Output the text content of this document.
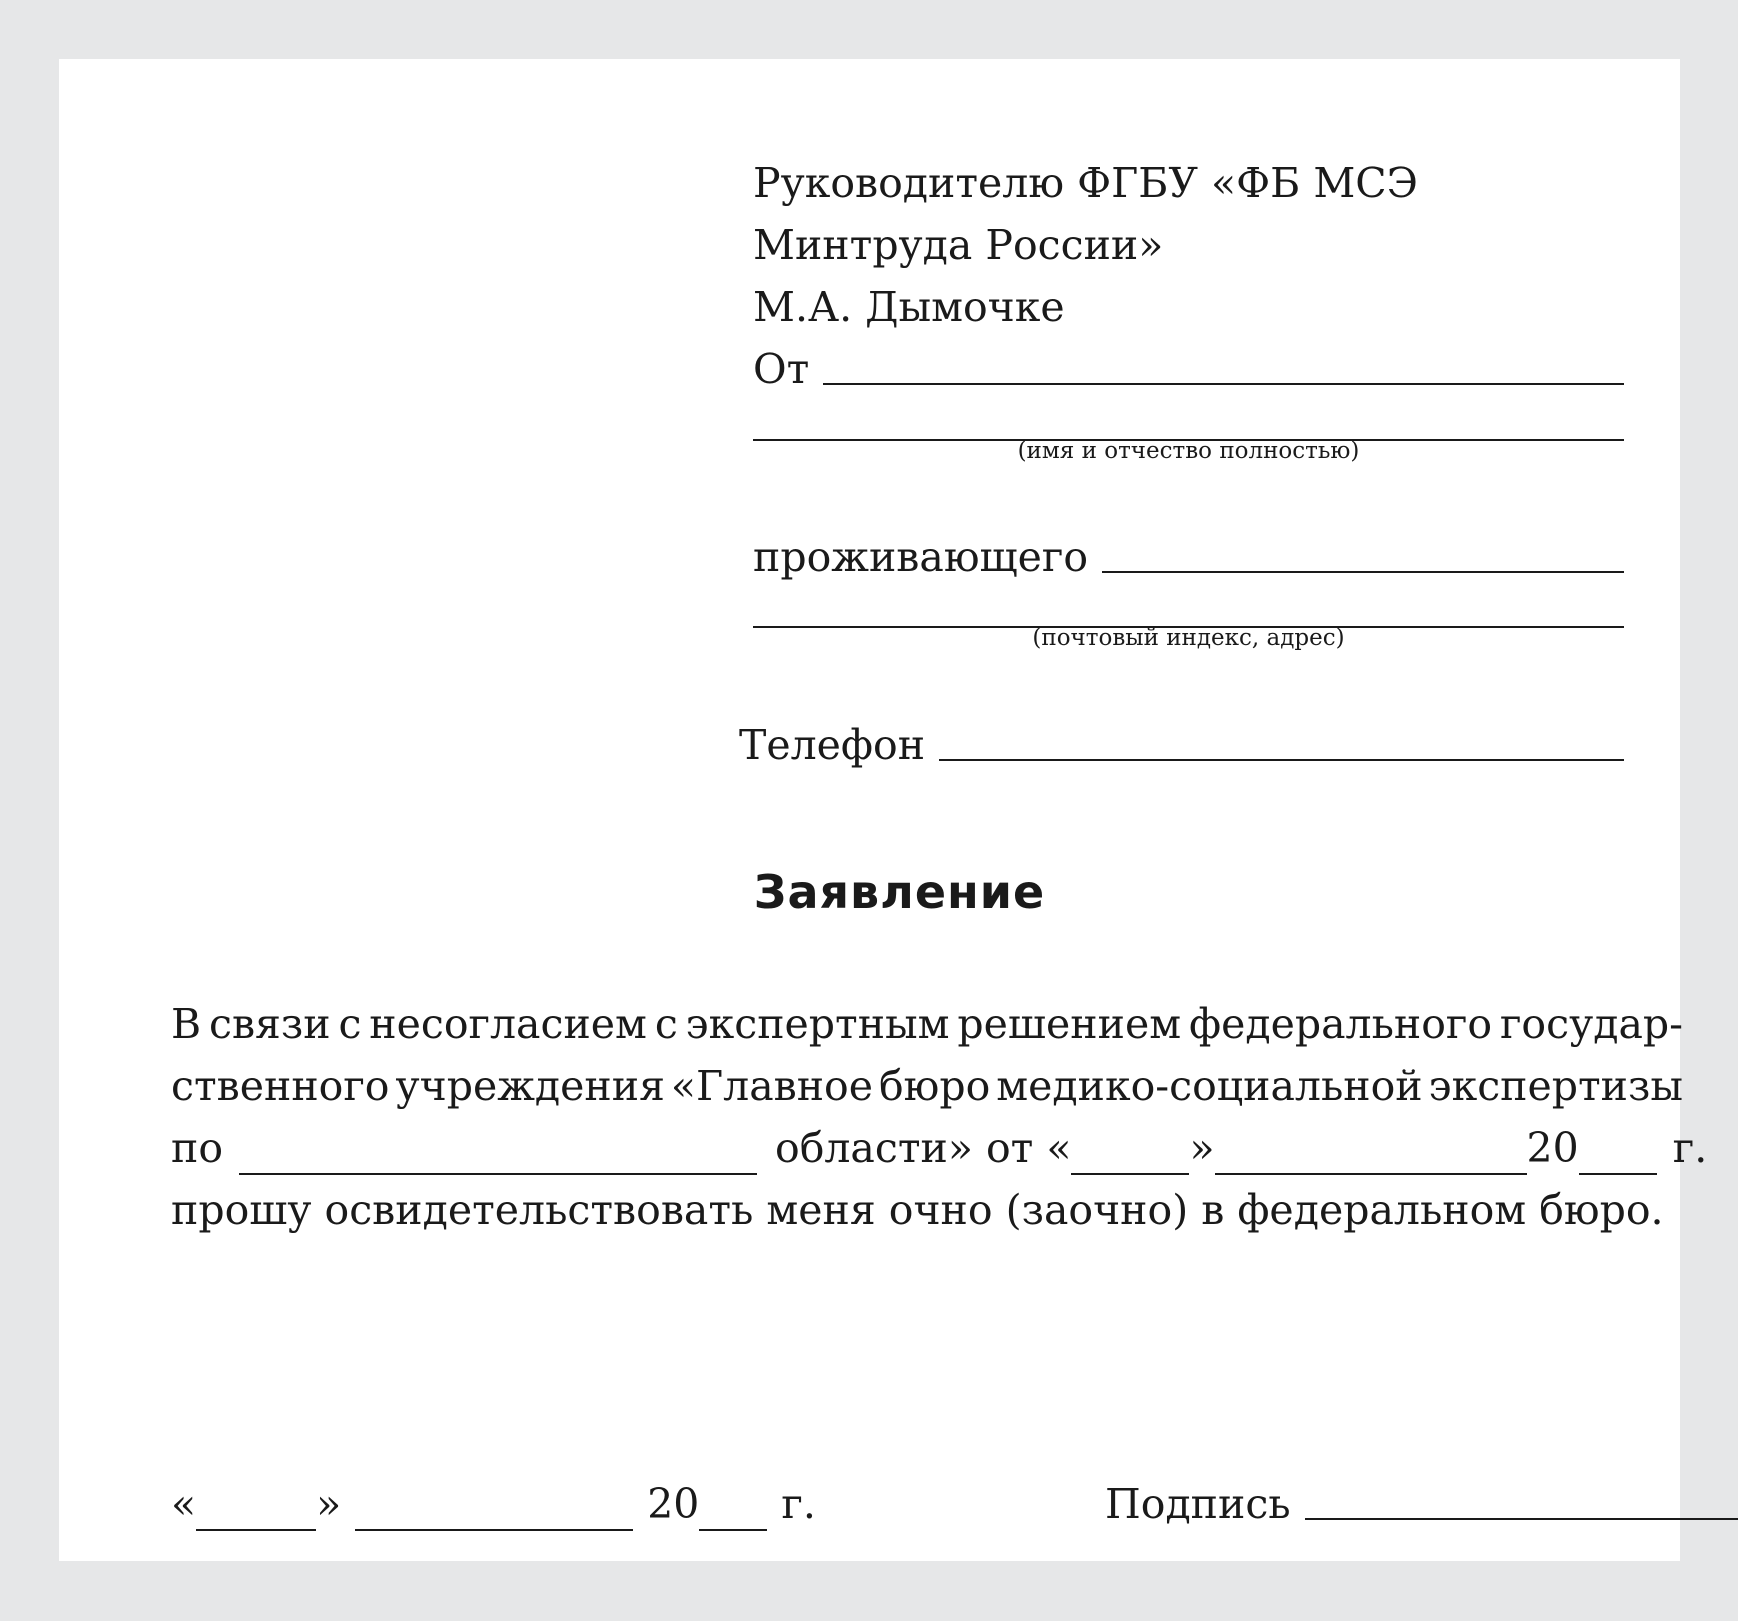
Руководителю ФГБУ «ФБ МСЭ
Минтруда России»
М.А. Дымочке
От
(имя и отчество полностью)
проживающего
(почтовый индекс, адрес)
Телефон
Заявление
В связи с несогласием с экспертным решением федерального государ-
ственного учреждения «Главное бюро медико-социальной экспертизы
по	области» от «	»	20 г.
прошу освидетельствовать меня очно (заочно) в федеральном бюро.
«	»	20 г.	Подпись
